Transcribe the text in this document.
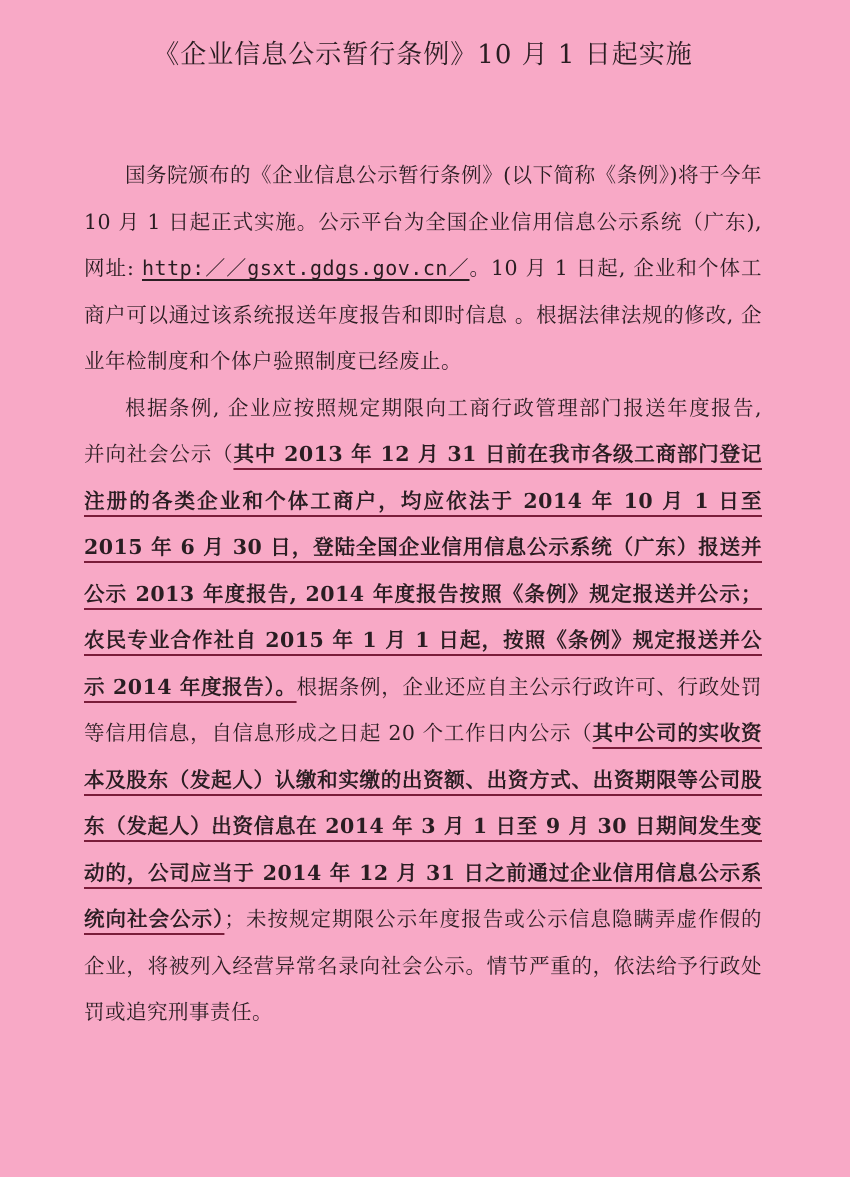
《企业信息公示暂行条例》10 月 1 日起实施

国务院颁布的《企业信息公示暂行条例》(以下简称《条例》)将于今年 10 月 1 日起正式实施。公示平台为全国企业信用信息公示系统（广东), 网址: http:／／gsxt.gdgs.gov.cn／。10 月 1 日起, 企业和个体工商户可以通过该系统报送年度报告和即时信息 。根据法律法规的修改, 企业年检制度和个体户验照制度已经废止。

根据条例, 企业应按照规定期限向工商行政管理部门报送年度报告, 并向社会公示（其中 2013 年 12 月 31 日前在我市各级工商部门登记注册的各类企业和个体工商户，均应依法于 2014 年 10 月 1 日至 2015 年 6 月 30 日，登陆全国企业信用信息公示系统（广东）报送并公示 2013 年度报告, 2014 年度报告按照《条例》规定报送并公示；农民专业合作社自 2015 年 1 月 1 日起，按照《条例》规定报送并公示 2014 年度报告）。根据条例，企业还应自主公示行政许可、行政处罚等信用信息，自信息形成之日起 20 个工作日内公示（其中公司的实收资本及股东（发起人）认缴和实缴的出资额、出资方式、出资期限等公司股东（发起人）出资信息在 2014 年 3 月 1 日至 9 月 30 日期间发生变动的，公司应当于 2014 年 12 月 31 日之前通过企业信用信息公示系统向社会公示）；未按规定期限公示年度报告或公示信息隐瞒弄虚作假的企业，将被列入经营异常名录向社会公示。情节严重的，依法给予行政处罚或追究刑事责任。
